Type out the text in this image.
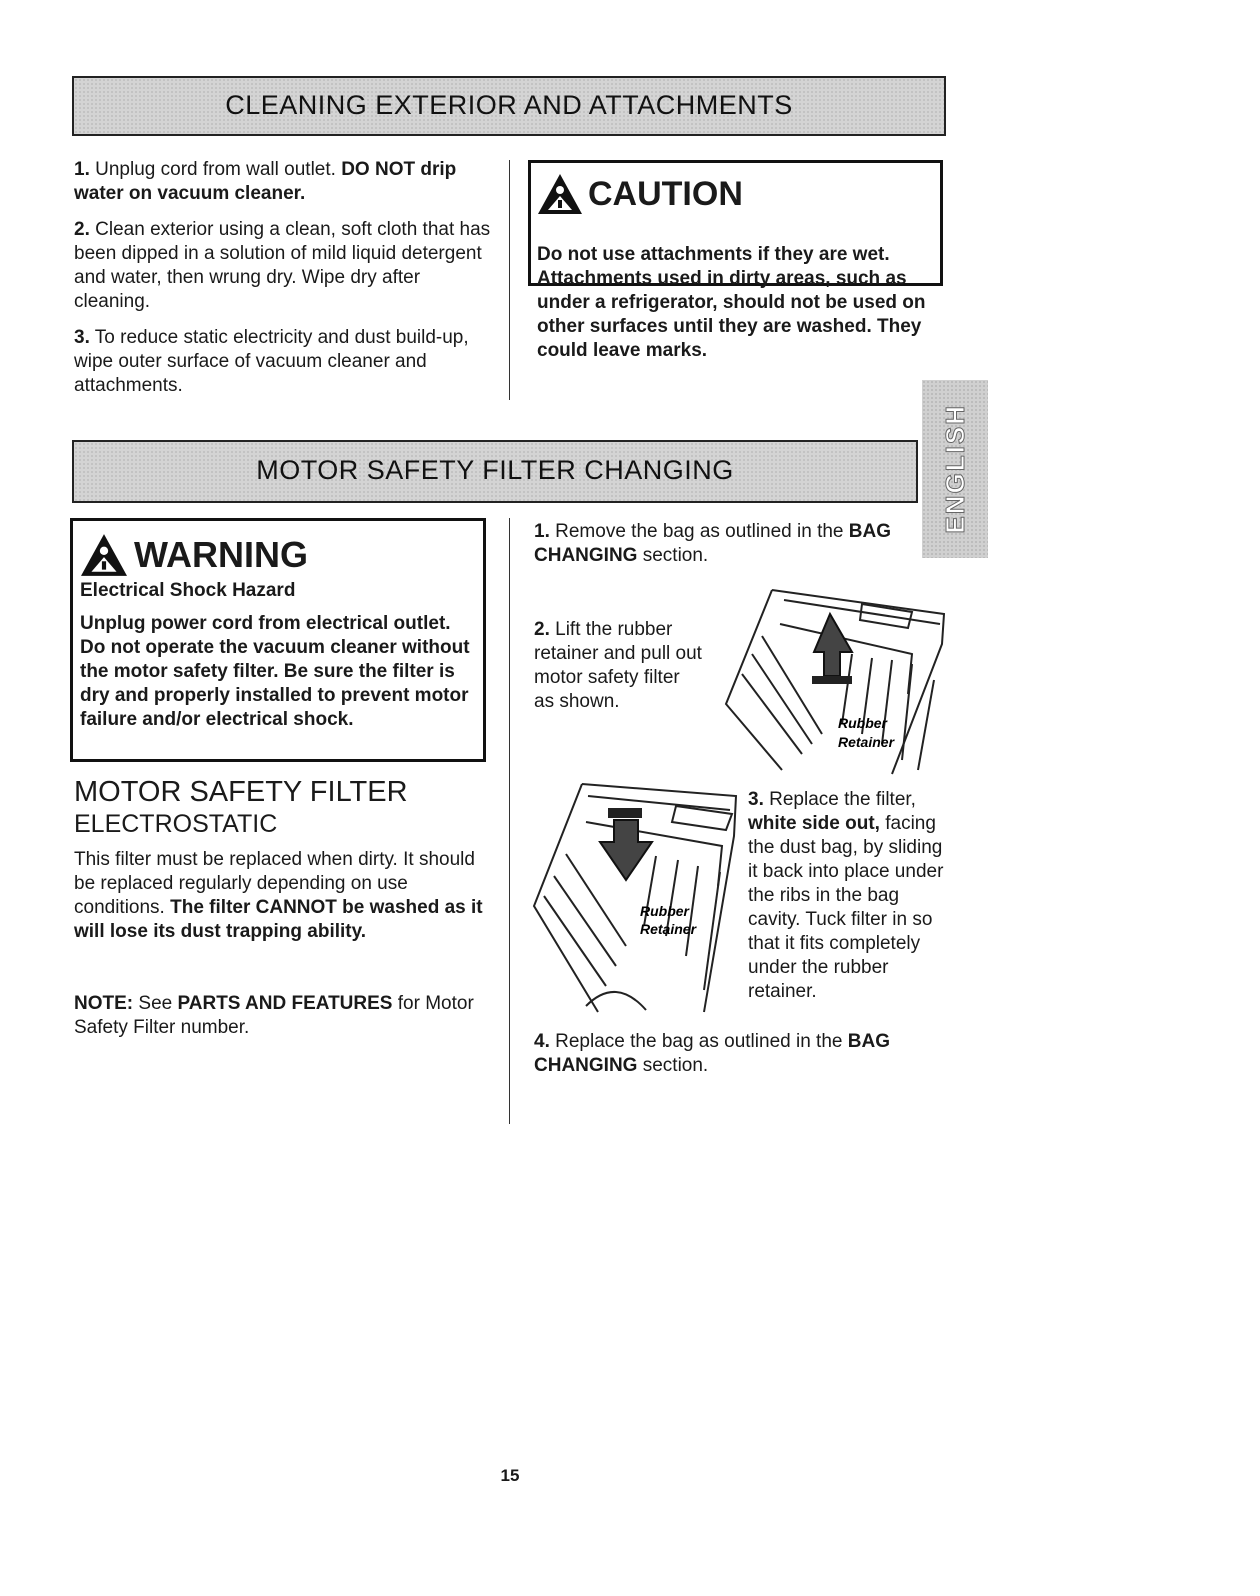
CLEANING EXTERIOR AND ATTACHMENTS

1. Unplug cord from wall outlet. DO NOT drip water on vacuum cleaner.

2. Clean exterior using a clean, soft cloth that has been dipped in a solution of mild liquid detergent and water, then wrung dry. Wipe dry after cleaning.

3. To reduce static electricity and dust build-up, wipe outer surface of vacuum cleaner and attachments.

CAUTION
Do not use attachments if they are wet. Attachments used in dirty areas, such as under a refrigerator, should not be used on other surfaces until they are washed. They could leave marks.
ENGLISH
MOTOR SAFETY FILTER CHANGING
WARNING
Electrical Shock Hazard
Unplug power cord from electrical outlet. Do not operate the vacuum cleaner without the motor safety filter. Be sure the filter is dry and properly installed to prevent motor failure and/or electrical shock.
MOTOR SAFETY FILTER
ELECTROSTATIC
This filter must be replaced when dirty. It should be replaced regularly depending on use conditions. The filter CANNOT be washed as it will lose its dust trapping ability.
NOTE: See PARTS AND FEATURES for Motor Safety Filter number.
1. Remove the bag as outlined in the BAG CHANGING section.
2. Lift the rubber retainer and pull out motor safety filter as shown.
Rubber
Retainer
Rubber
Retainer
3. Replace the filter, white side out, facing the dust bag, by sliding it back into place under the ribs in the bag cavity. Tuck filter in so that it fits completely under the rubber retainer.
4. Replace the bag as outlined in the BAG CHANGING section.
15
